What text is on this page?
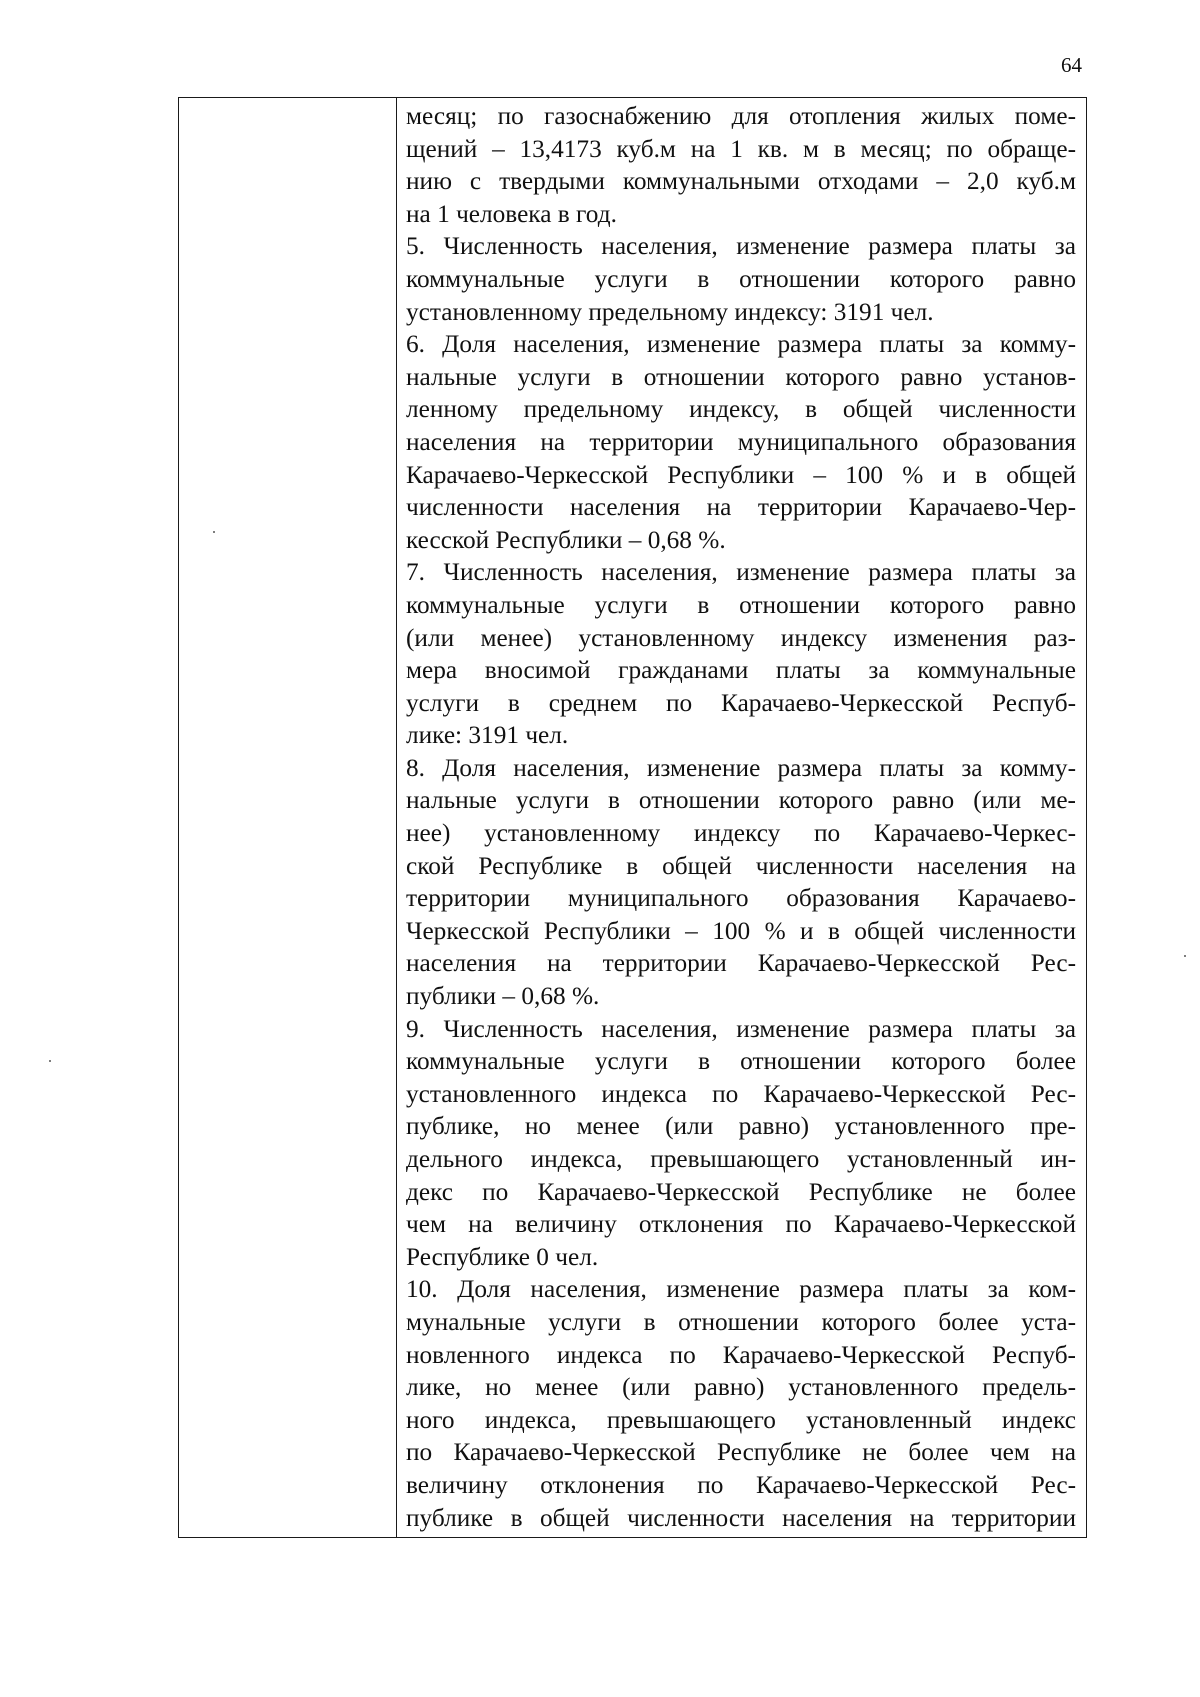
64
месяц; по газоснабжению для отопления жилых поме-
щений – 13,4173 куб.м на 1 кв. м в месяц; по обраще-
нию с твердыми коммунальными отходами – 2,0 куб.м
на 1 человека в год.
5. Численность населения, изменение размера платы за
коммунальные услуги в отношении которого равно
установленному предельному индексу: 3191 чел.
6. Доля населения, изменение размера платы за комму-
нальные услуги в отношении которого равно установ-
ленному предельному индексу, в общей численности
населения на территории муниципального образования
Карачаево-Черкесской Республики – 100 % и в общей
численности населения на территории Карачаево-Чер-
кесской Республики – 0,68 %.
7. Численность населения, изменение размера платы за
коммунальные услуги в отношении которого равно
(или менее) установленному индексу изменения раз-
мера вносимой гражданами платы за коммунальные
услуги в среднем по Карачаево-Черкесской Респуб-
лике: 3191 чел.
8. Доля населения, изменение размера платы за комму-
нальные услуги в отношении которого равно (или ме-
нее) установленному индексу по Карачаево-Черкес-
ской Республике в общей численности населения на
территории муниципального образования Карачаево-
Черкесской Республики – 100 % и в общей численности
населения на территории Карачаево-Черкесской Рес-
публики – 0,68 %.
9. Численность населения, изменение размера платы за
коммунальные услуги в отношении которого более
установленного индекса по Карачаево-Черкесской Рес-
публике, но менее (или равно) установленного пре-
дельного индекса, превышающего установленный ин-
декс по Карачаево-Черкесской Республике не более
чем на величину отклонения по Карачаево-Черкесской
Республике 0 чел.
10. Доля населения, изменение размера платы за ком-
мунальные услуги в отношении которого более уста-
новленного индекса по Карачаево-Черкесской Респуб-
лике, но менее (или равно) установленного предель-
ного индекса, превышающего установленный индекс
по Карачаево-Черкесской Республике не более чем на
величину отклонения по Карачаево-Черкесской Рес-
публике в общей численности населения на территории
